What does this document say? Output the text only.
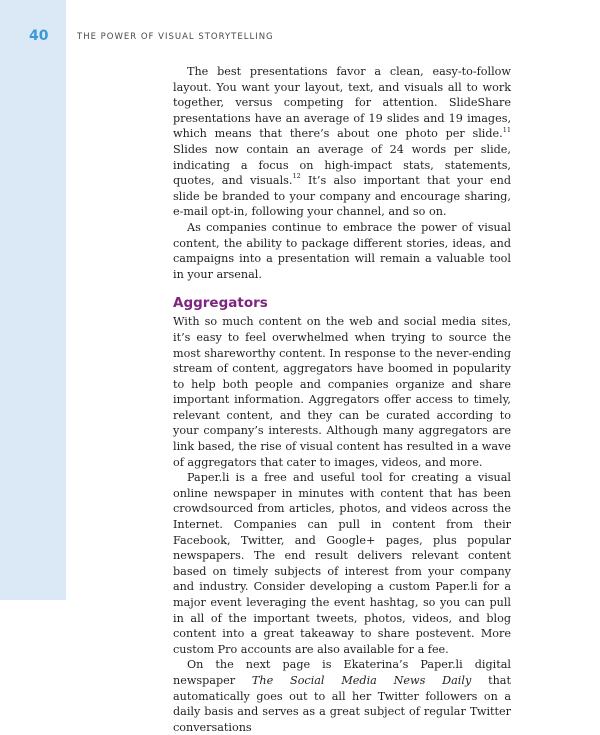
40	THE POWER OF VISUAL STORYTELLING

The best presentations favor a clean, easy-to-follow layout. You want your layout, text, and visuals all to work together, versus competing for attention. SlideShare presentations have an average of 19 slides and 19 images, which means that there’s about one photo per slide.$^{11}$ Slides now contain an average of 24 words per slide, indicating a focus on high-impact stats, statements, quotes, and visuals.$^{12}$ It’s also important that your end slide be branded to your company and encourage sharing, e-mail opt-in, following your channel, and so on.

As companies continue to embrace the power of visual content, the ability to package different stories, ideas, and campaigns into a presentation will remain a valuable tool in your arsenal.

Aggregators

With so much content on the web and social media sites, it’s easy to feel overwhelmed when trying to source the most shareworthy content. In response to the never-ending stream of content, aggregators have boomed in popularity to help both people and companies organize and share important information. Aggregators offer access to timely, relevant content, and they can be curated according to your company’s interests. Although many aggregators are link based, the rise of visual content has resulted in a wave of aggregators that cater to images, videos, and more.

Paper.li is a free and useful tool for creating a visual online newspaper in minutes with content that has been crowdsourced from articles, photos, and videos across the Internet. Companies can pull in content from their Facebook, Twitter, and Google+ pages, plus popular newspapers. The end result delivers relevant content based on timely subjects of interest from your company and industry. Consider developing a custom Paper.li for a major event leveraging the event hashtag, so you can pull in all of the important tweets, photos, videos, and blog content into a great takeaway to share postevent. More custom Pro accounts are also available for a fee.

On the next page is Ekaterina’s Paper.li digital newspaper The Social Media News Daily that automatically goes out to all her Twitter followers on a daily basis and serves as a great subject of regular Twitter conversations
